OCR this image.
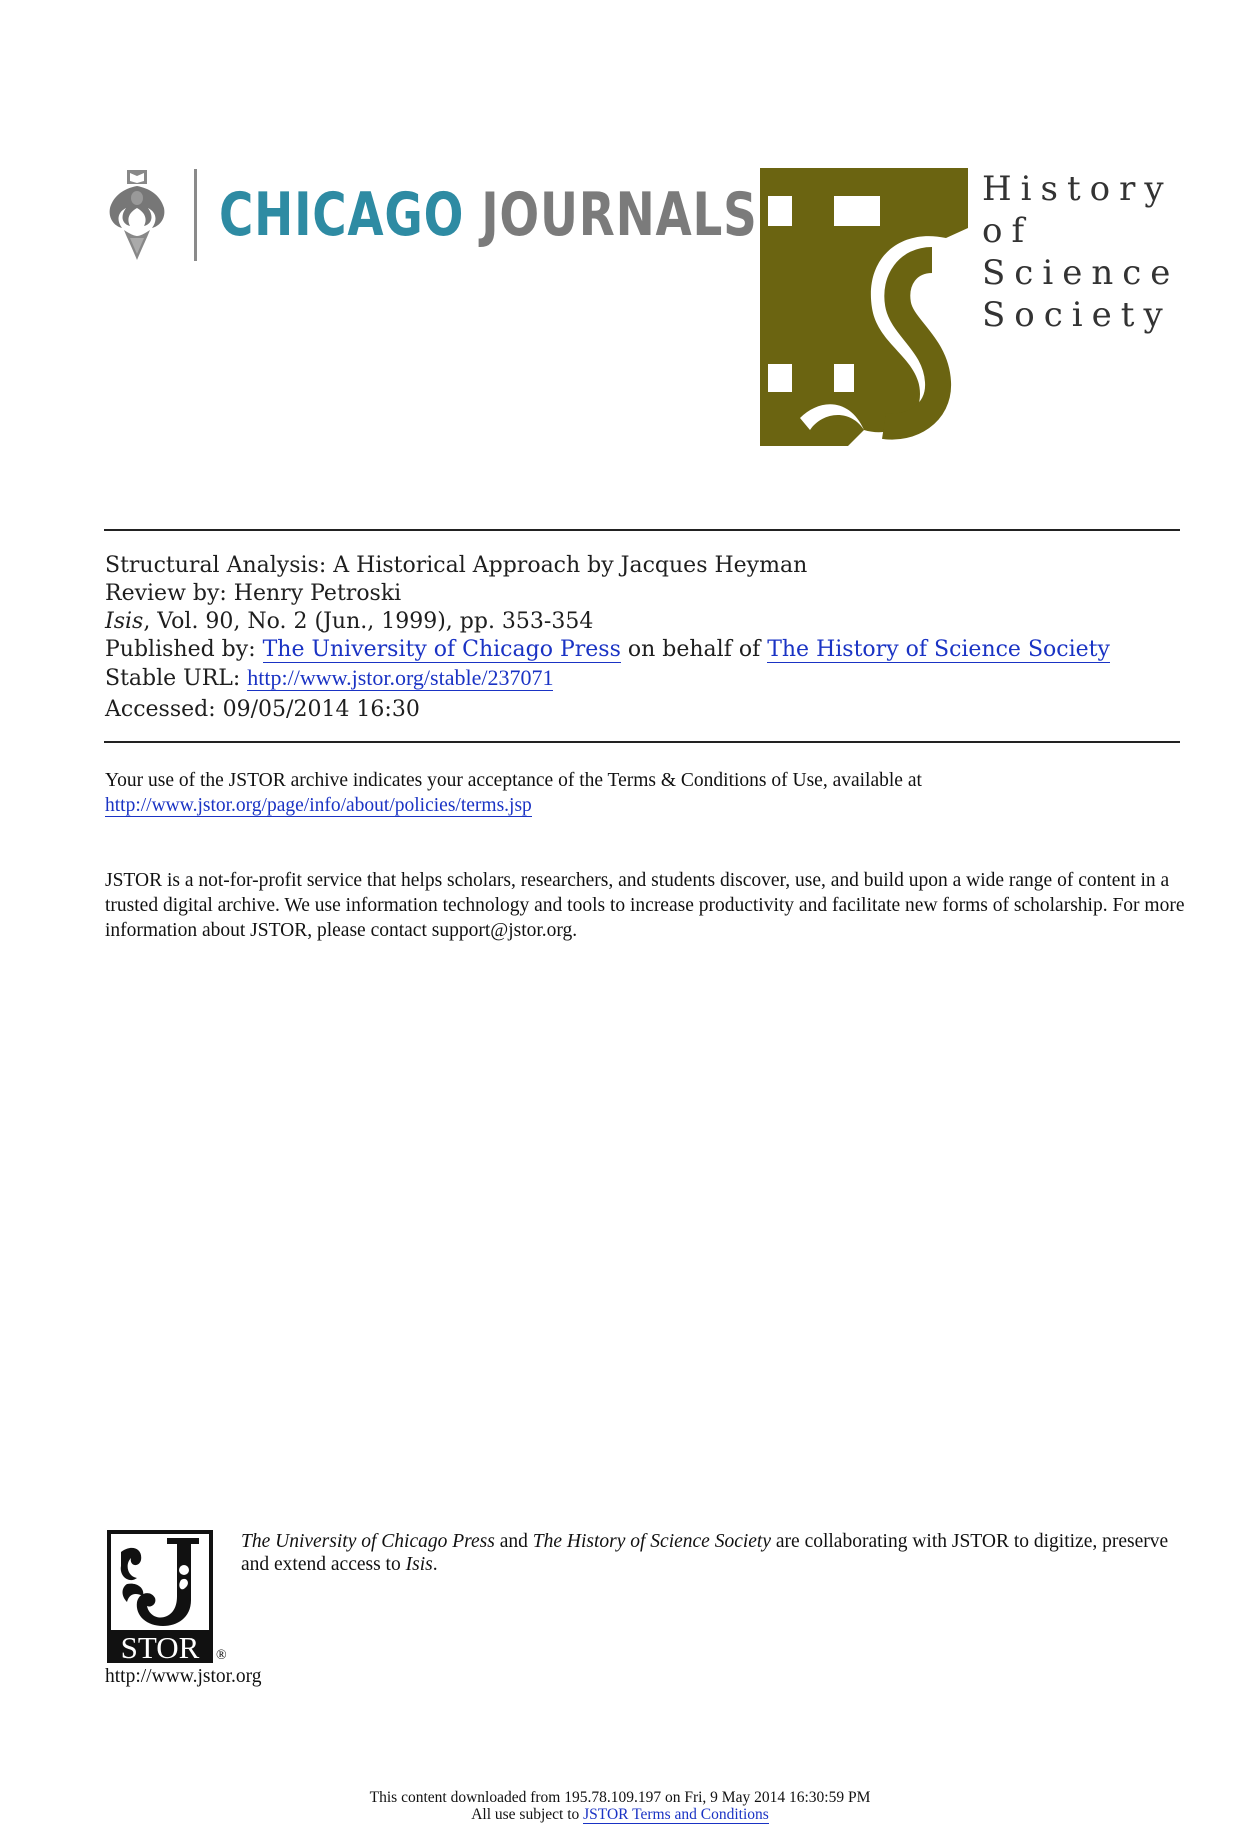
CHICAGO JOURNALS	History
of
Science
Society
Structural Analysis: A Historical Approach by Jacques Heyman
Review by: Henry Petroski
Isis, Vol. 90, No. 2 (Jun., 1999), pp. 353-354
Published by: The University of Chicago Press on behalf of The History of Science Society
Stable URL: http://www.jstor.org/stable/237071
Accessed: 09/05/2014 16:30
Your use of the JSTOR archive indicates your acceptance of the Terms & Conditions of Use, available at
http://www.jstor.org/page/info/about/policies/terms.jsp
JSTOR is a not-for-profit service that helps scholars, researchers, and students discover, use, and build upon a wide range of content in a trusted digital archive. We use information technology and tools to increase productivity and facilitate new forms of scholarship. For more information about JSTOR, please contact support@jstor.org.
STOR ®
http://www.jstor.org
The University of Chicago Press and The History of Science Society are collaborating with JSTOR to digitize, preserve and extend access to Isis.
This content downloaded from 195.78.109.197 on Fri, 9 May 2014 16:30:59 PM
All use subject to JSTOR Terms and Conditions
